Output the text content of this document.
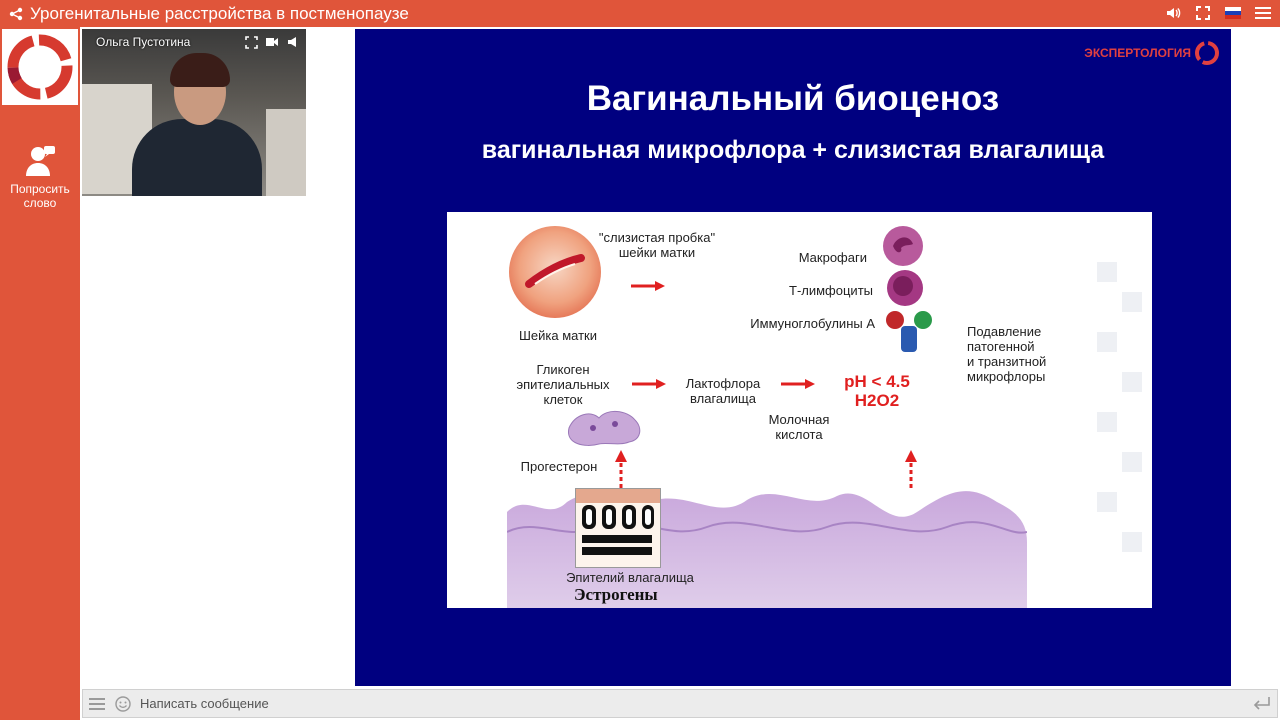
Урогенитальные расстройства в постменопаузе
Попросить
слово
Ольга Пустотина
ЭКСПЕРТОЛОГИЯ
Вагинальный биоценоз
вагинальная микрофлора + слизистая влагалища
"слизистая пробка"
шейки матки
Шейка матки
Макрофаги
Т-лимфоциты
Иммуноглобулины А
Подавление
патогенной
и транзитной
микрофлоры
Гликоген
эпителиальных
клеток
Лактофлора
влагалища
pH < 4.5
H2O2
Молочная
кислота
Прогестерон
Эпителий влагалища
Эстрогены
Написать сообщение
